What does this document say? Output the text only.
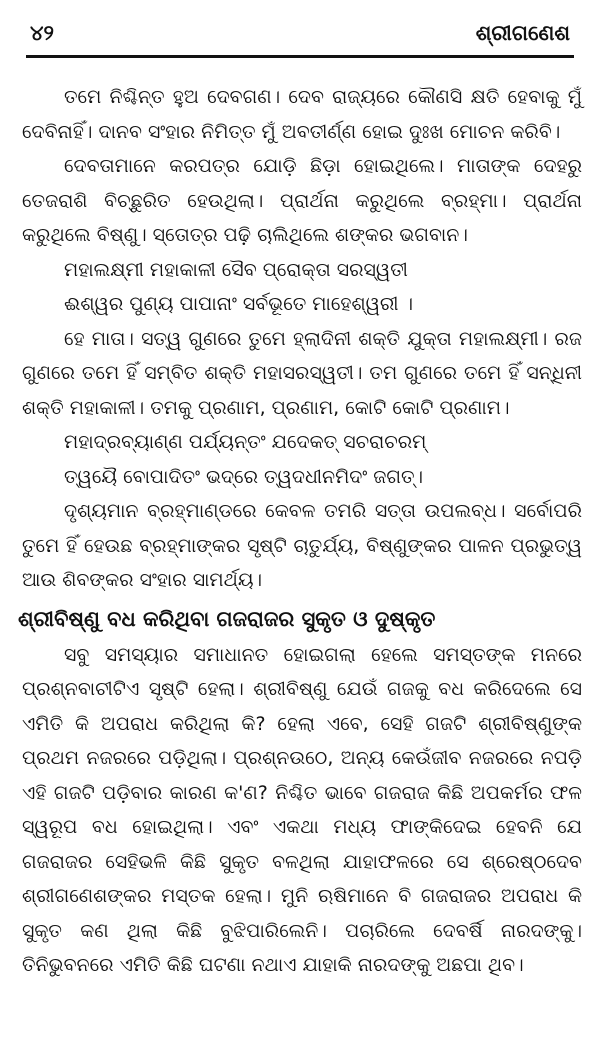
୪୨	ଶ୍ରୀଗଣେଶ

ତମେ ନିଶ୍ଚିନ୍ତ ହୁଅ ଦେବଗଣ। ଦେବ ରାଜ୍ୟରେ କୌଣସି କ୍ଷତି ହେବାକୁ ମୁଁ ଦେବିନାହିଁ। ଦାନବ ସଂହାର ନିମିତ୍ତ ମୁଁ ଅବତୀର୍ଣ୍ଣ ହୋଇ ଦୁଃଖ ମୋଚନ କରିବି।

ଦେବତାମାନେ କରପତ୍ର ଯୋଡ଼ି ଛିଡ଼ା ହୋଇଥିଲେ। ମାତାଙ୍କ ଦେହରୁ ତେଜରାଶି ବିଚ୍ଛୁରିତ ହେଉଥିଲା। ପ୍ରାର୍ଥନା କରୁଥିଲେ ବ୍ରହ୍ମା। ପ୍ରାର୍ଥନା କରୁଥିଲେ ବିଷ୍ଣୁ। ସ୍ତୋତ୍ର ପଢ଼ି ଚାଲିଥିଲେ ଶଙ୍କର ଭଗବାନ।

ମହାଲକ୍ଷ୍ମୀ ମହାକାଳୀ ସୈବ ପ୍ରୋକ୍ତା ସରସ୍ୱତୀ

ଈଶ୍ୱର ପୁଣ୍ୟ ପାପାନାଂ ସର୍ବଭୂତେ ମାହେଶ୍ୱରୀ ।

ହେ ମାତା। ସତ୍ୱ ଗୁଣରେ ତୁମେ ହ୍ଲାଦିନୀ ଶକ୍ତି ଯୁକ୍ତା ମହାଲକ୍ଷ୍ମୀ। ରଜ ଗୁଣରେ ତମେ ହିଁ ସମ୍ବିତ ଶକ୍ତି ମହାସରସ୍ୱତୀ। ତମ ଗୁଣରେ ତମେ ହିଁ ସନ୍ଧିନୀ ଶକ୍ତି ମହାକାଳୀ। ତମକୁ ପ୍ରଣାମ, ପ୍ରଣାମ, କୋଟି କୋଟି ପ୍ରଣାମ।

ମହାଦ୍ରବ୍ୟାଣ୍ଣ ପର୍ଯ୍ୟନ୍ତଂ ଯଦେକତ୍ ସଚରାଚରମ୍

ତ୍ୱୟୈ ବୋପାଦିତଂ ଭଦ୍ରେ ତ୍ୱଦଧୀନମିଦଂ ଜଗତ୍।

ଦୃଶ୍ୟମାନ ବ୍ରହ୍ମାଣ୍ଡରେ କେବଳ ତମରି ସତ୍ତା ଉପଲବ୍ଧ। ସର୍ବୋପରି ତୁମେ ହିଁ ହେଉଛ ବ୍ରହ୍ମାଙ୍କର ସୃଷ୍ଟି ଚାତୁର୍ଯ୍ୟ, ବିଷ୍ଣୁଙ୍କର ପାଳନ ପ୍ରଭୁତ୍ୱ ଆଉ ଶିବଙ୍କର ସଂହାର ସାମର୍ଥ୍ୟ।

ଶ୍ରୀବିଷ୍ଣୁ ବଧ କରିଥିବା ଗଜରାଜର ସୁକୃତ ଓ ଦୁଷ୍କୃତ

ସବୁ ସମସ୍ୟାର ସମାଧାନତ ହୋଇଗଲା ହେଲେ ସମସ୍ତଙ୍କ ମନରେ ପ୍ରଶ୍ନବାଚୀଟିଏ ସୃଷ୍ଟି ହେଲା। ଶ୍ରୀବିଷ୍ଣୁ ଯେଉଁ ଗଜକୁ ବଧ କରିଦେଲେ ସେ ଏମିତି କି ଅପରାଧ କରିଥିଲା କି? ହେଲା ଏବେ, ସେହି ଗଜଟି ଶ୍ରୀବିଷ୍ଣୁଙ୍କ ପ୍ରଥମ ନଜରରେ ପଡ଼ିଥିଲା। ପ୍ରଶ୍ନଉଠେ, ଅନ୍ୟ କେଉଁଜୀବ ନଜରରେ ନପଡ଼ି ଏହି ଗଜଟି ପଡ଼ିବାର କାରଣ କ'ଣ? ନିଶ୍ଚିତ ଭାବେ ଗଜରାଜ କିଛି ଅପକର୍ମର ଫଳ ସ୍ୱରୂପ ବଧ ହୋଇଥିଲା। ଏବଂ ଏକଥା ମଧ୍ୟ ଫାଙ୍କିଦେଇ ହେବନି ଯେ ଗଜରାଜର ସେହିଭଳି କିଛି ସୁକୃତ ବଳଥିଲା ଯାହାଫଳରେ ସେ ଶ୍ରେଷ୍ଠଦେବ ଶ୍ରୀଗଣେଶଙ୍କର ମସ୍ତକ ହେଲା। ମୁନି ଋଷିମାନେ ବି ଗଜରାଜର ଅପରାଧ କି ସୁକୃତ କଣ ଥିଲା କିଛି ବୁଝିପାରିଲେନି। ପଚାରିଲେ ଦେବର୍ଷି ନାରଦଙ୍କୁ। ତିନିଭୁବନରେ ଏମିତି କିଛି ଘଟଣା ନଥାଏ ଯାହାକି ନାରଦଙ୍କୁ ଅଛପା ଥିବ।
